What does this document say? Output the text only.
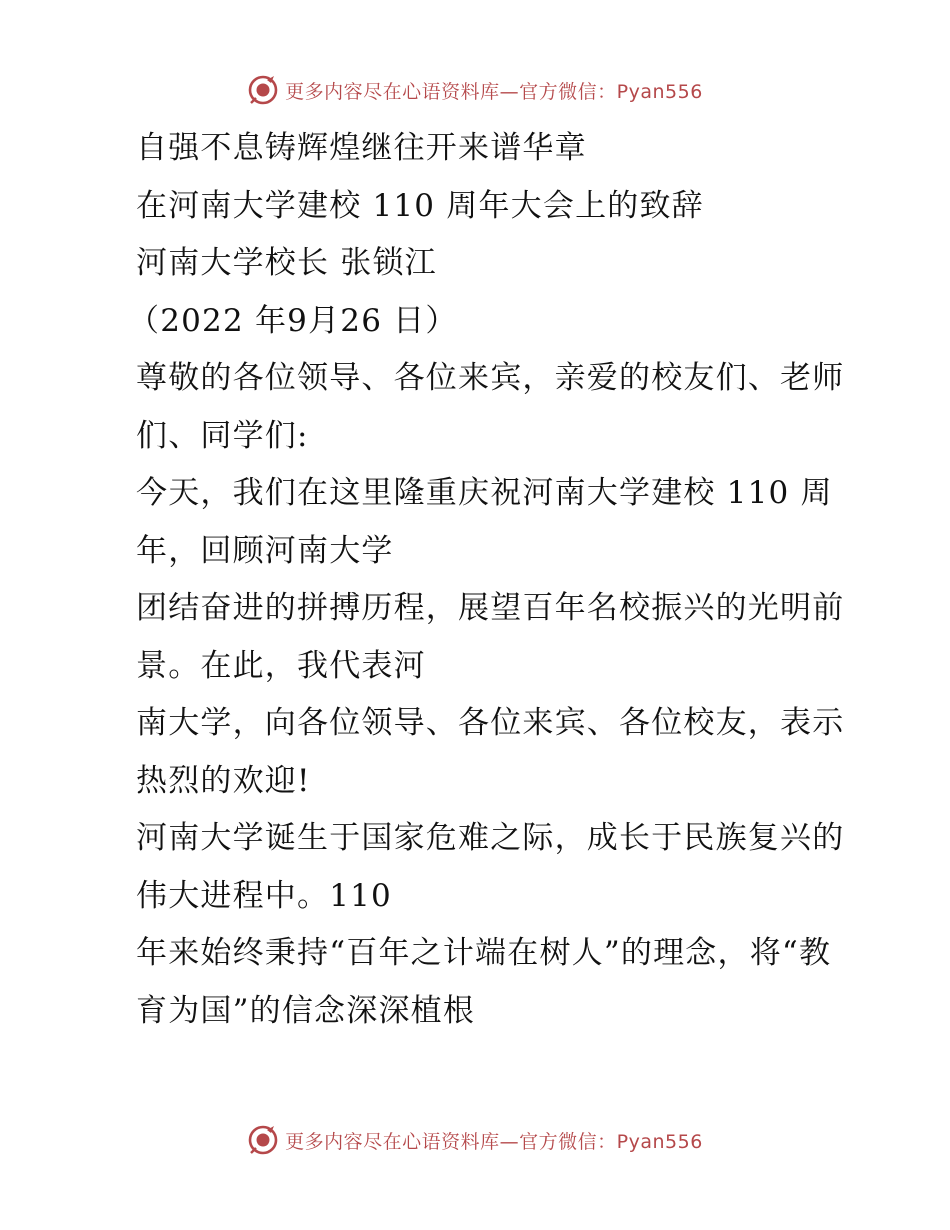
更多内容尽在心语资料库—官方微信：Pyan556

自强不息铸辉煌继往开来谱华章

在河南大学建校 110 周年大会上的致辞

河南大学校长 张锁江

（2022 年9月26 日）

尊敬的各位领导、各位来宾，亲爱的校友们、老师们、同学们:

今天，我们在这里隆重庆祝河南大学建校 110 周年，回顾河南大学

团结奋进的拼搏历程，展望百年名校振兴的光明前景。在此，我代表河

南大学，向各位领导、各位来宾、各位校友，表示热烈的欢迎!

河南大学诞生于国家危难之际，成长于民族复兴的伟大进程中。110

年来始终秉持“百年之计端在树人”的理念，将“教育为国”的信念深深植根

更多内容尽在心语资料库—官方微信：Pyan556
